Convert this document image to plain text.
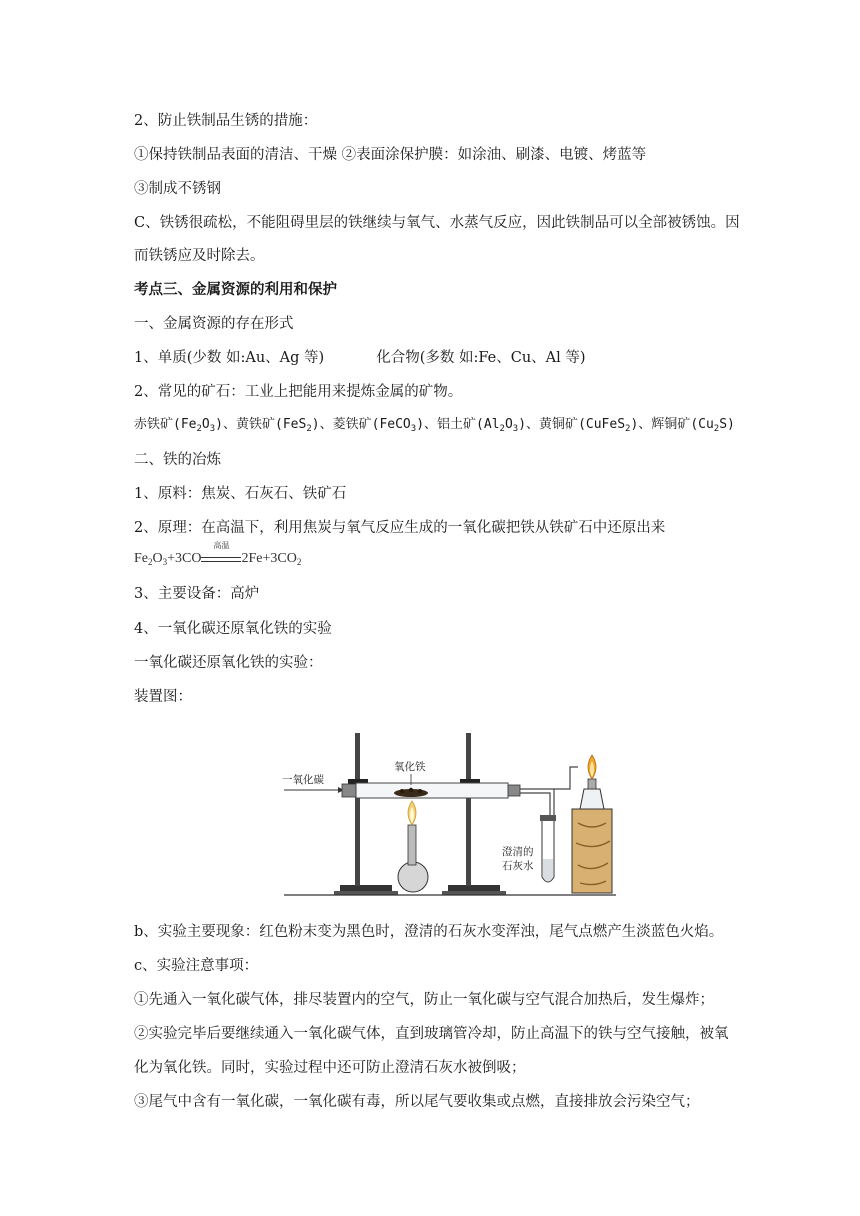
2、防止铁制品生锈的措施：
①保持铁制品表面的清洁、干燥 ②表面涂保护膜：如涂油、刷漆、电镀、烤蓝等
③制成不锈钢
C、铁锈很疏松，不能阻碍里层的铁继续与氧气、水蒸气反应，因此铁制品可以全部被锈蚀。因
而铁锈应及时除去。
考点三、金属资源的利用和保护
一、金属资源的存在形式
1、单质(少数 如:Au、Ag 等)	化合物(多数 如:Fe、Cu、Al 等)
2、常见的矿石：工业上把能用来提炼金属的矿物。
赤铁矿$(Fe_2O_3)$、黄铁矿(FeS$_2$)、菱铁矿(FeCO$_3$)、铝土矿$(Al_2O_3)$、黄铜矿(CuFeS$_2$)、辉铜矿$(Cu_2S)$
二、铁的冶炼
1、原料：焦炭、石灰石、铁矿石
2、原理：在高温下，利用焦炭与氧气反应生成的一氧化碳把铁从铁矿石中还原出来
$Fe_2O_3+3CO$
高温
$2Fe+3CO_2$
3、主要设备：高炉
4、一氧化碳还原氧化铁的实验
一氧化碳还原氧化铁的实验：
装置图：
一氧化碳
氧化铁
澄清的
石灰水
b、实验主要现象：红色粉末变为黑色时，澄清的石灰水变浑浊，尾气点燃产生淡蓝色火焰。
c、实验注意事项：
①先通入一氧化碳气体，排尽装置内的空气，防止一氧化碳与空气混合加热后，发生爆炸；
②实验完毕后要继续通入一氧化碳气体，直到玻璃管冷却，防止高温下的铁与空气接触，被氧
化为氧化铁。同时，实验过程中还可防止澄清石灰水被倒吸；
③尾气中含有一氧化碳，一氧化碳有毒，所以尾气要收集或点燃，直接排放会污染空气；
